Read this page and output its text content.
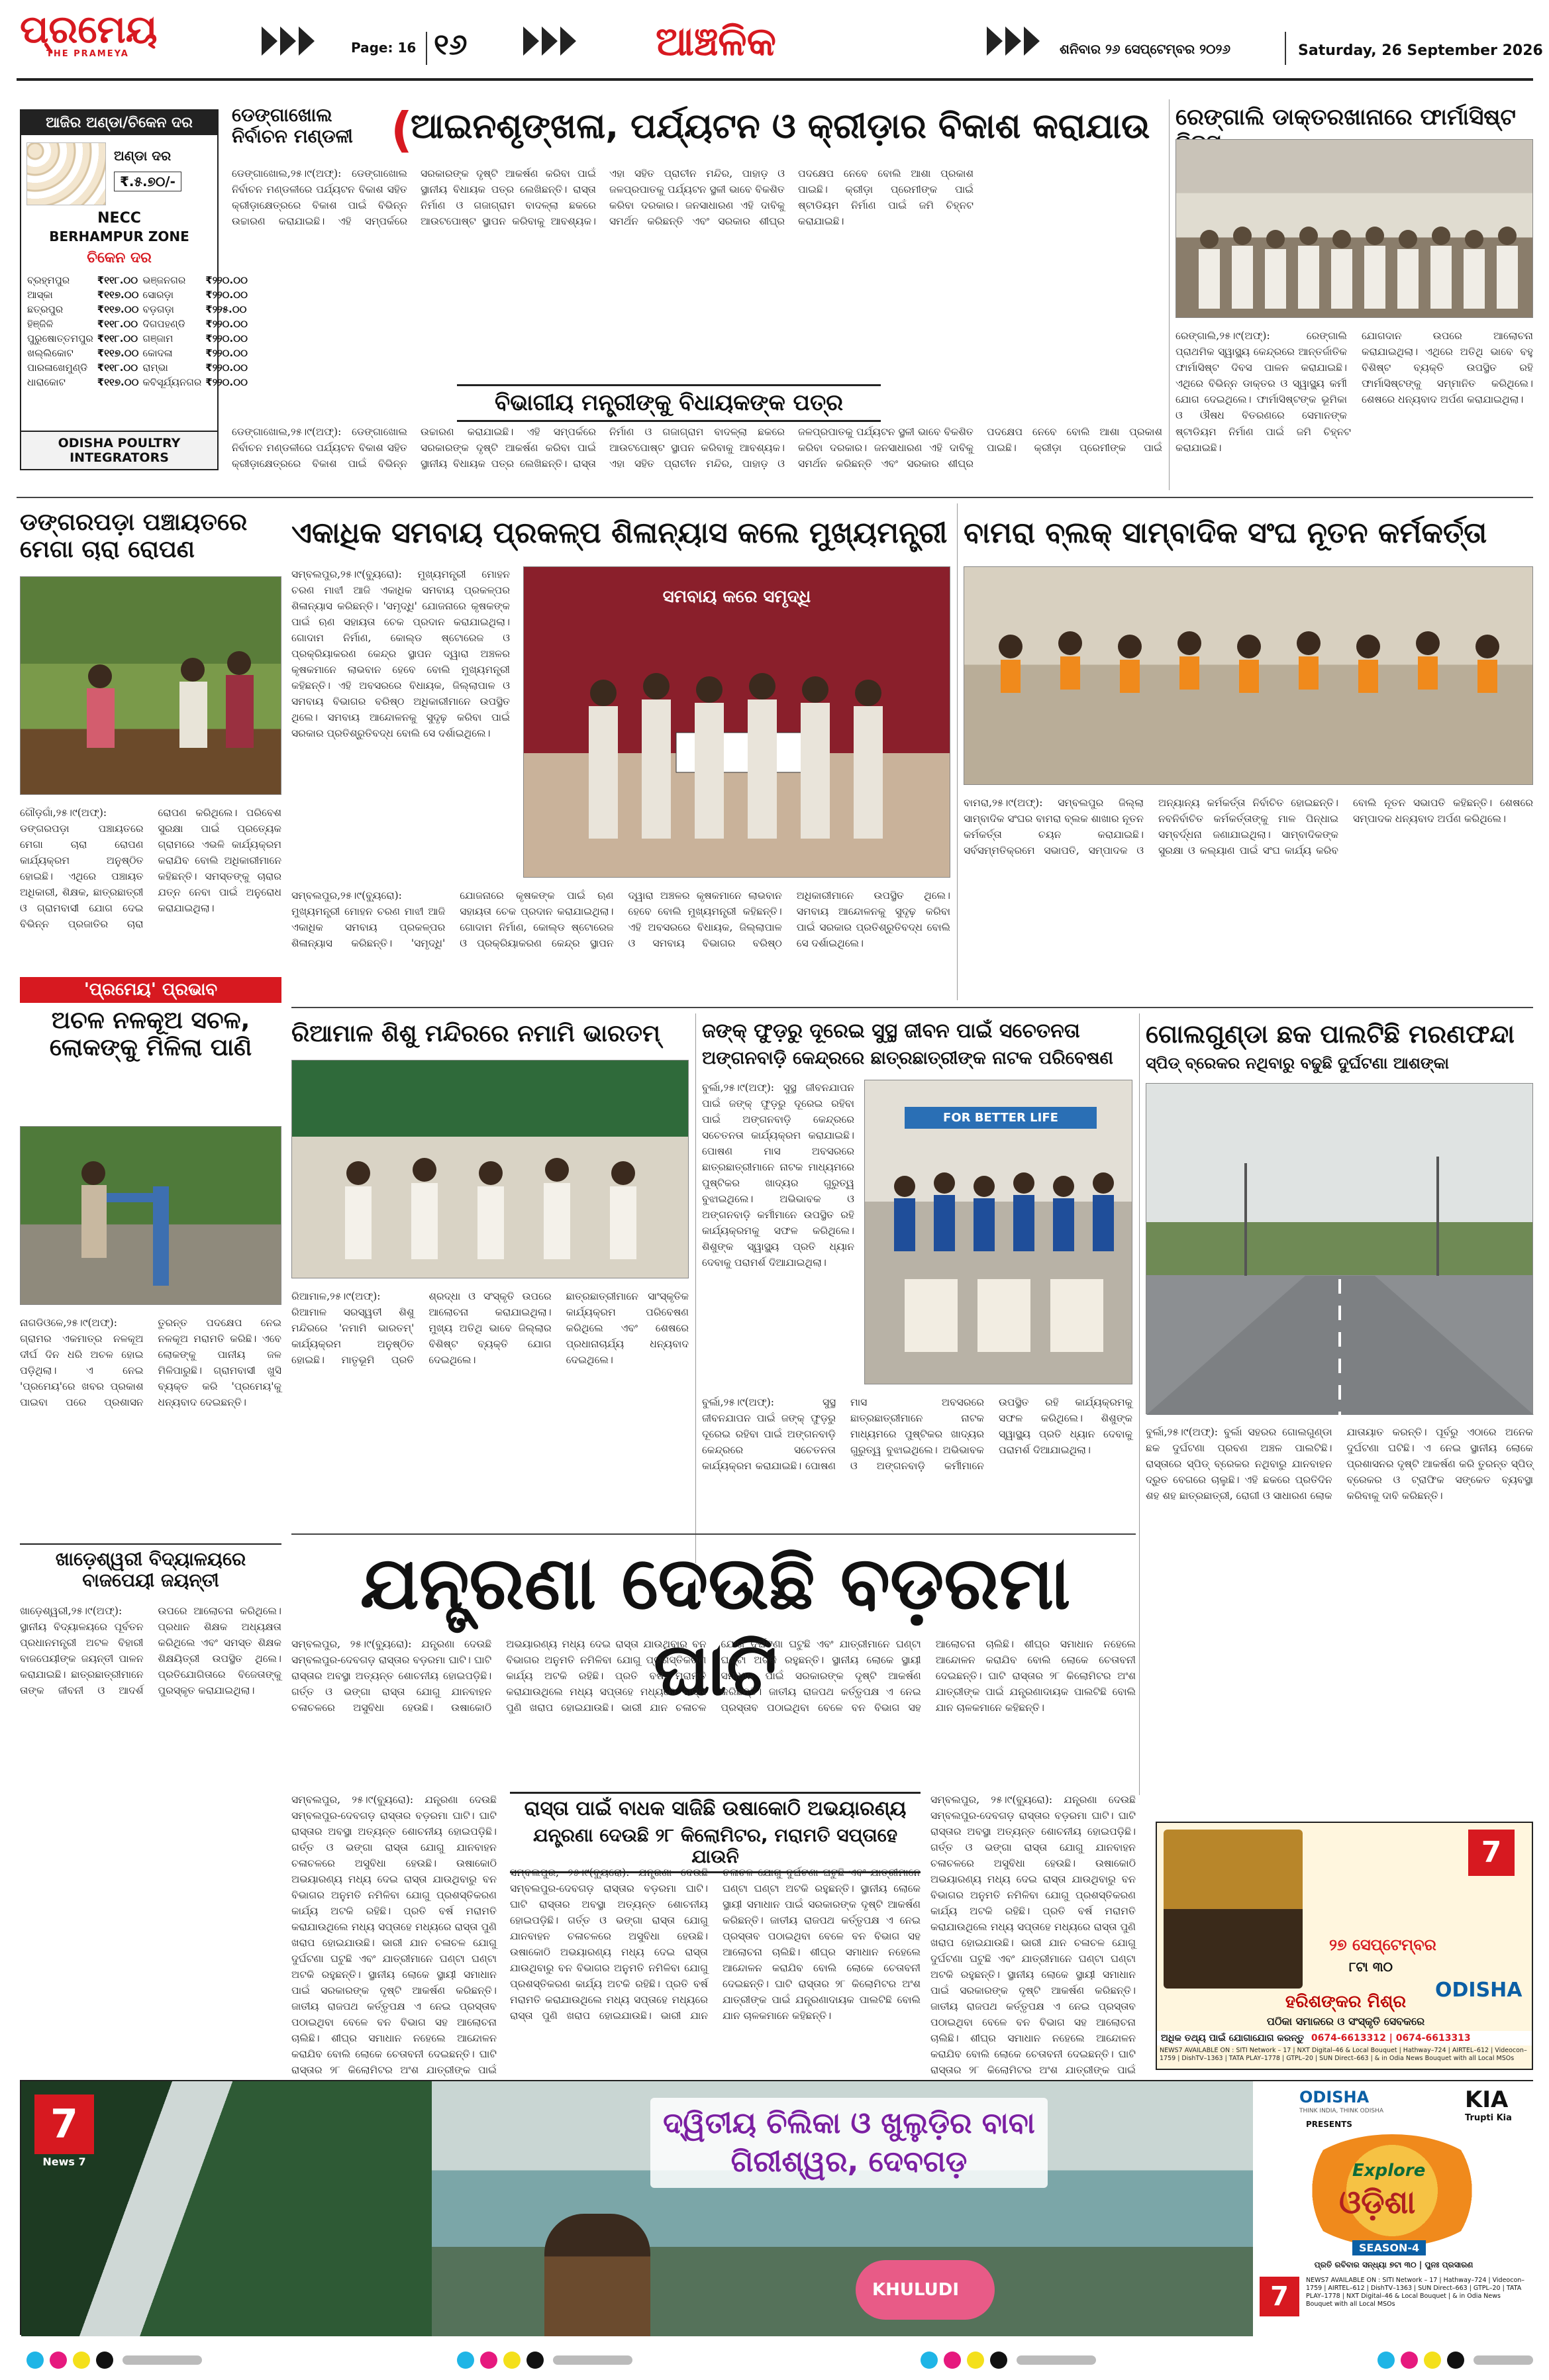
ପ୍ରମେୟ
THE PRAMEYA	Page: 16 ୧୬	ଆଞ୍ଚଳିକ	ଶନିବାର ୨୬ ସେପ୍ଟେମ୍ବର ୨୦୨୬	Saturday, 26 September 2026
ଆଜିର ଅଣ୍ଡା/ଚିକେନ ଦର
ଅଣ୍ଡା ଦର
₹.୫.୭୦/-
NECC
BERHAMPUR ZONE
ଚିକେନ ଦର
ବ୍ରହ୍ମପୁର	₹୧୧୮.୦୦	ଭଞ୍ଜନଗର	₹୨୨୦.୦୦
ଆସ୍କା	₹୧୧୭.୦୦	ସୋରଡ଼ା	₹୨୨୦.୦୦
ଛତ୍ରପୁର	₹୧୧୭.୦୦	ବଡ଼ଗଡ଼ା	₹୨୨୫.୦୦
ହିଞ୍ଜିଳି	₹୧୧୮.୦୦	ଦିଗପହଣ୍ଡି	₹୨୨୦.୦୦
ପୁରୁଷୋତ୍ତମପୁର	₹୧୧୮.୦୦	ଗଞ୍ଜାମ	₹୨୨୦.୦୦
ଖଲ୍ଲିକୋଟ	₹୧୧୭.୦୦	କୋଦଳା	₹୨୨୦.୦୦
ପାରଳାଖେମୁଣ୍ଡି	₹୧୧୮.୦୦	ରାମ୍ଭା	₹୨୨୦.୦୦
ଧାରାକୋଟ	₹୧୧୭.୦୦	କବିସୂର୍ଯ୍ୟନଗର	₹୨୨୦.୦୦
ODISHA POULTRY INTEGRATORS
ଡେଙ୍ଗାଖୋଲ ନିର୍ବାଚନ ମଣ୍ଡଳୀ (
ଆଇନଶୃଙ୍ଖଳା, ପର୍ଯ୍ୟଟନ ଓ କ୍ରୀଡ଼ାର ବିକାଶ କରାଯାଉ
ଡେଙ୍ଗାଖୋଲ,୨୫।୯(ଅଫ୍): ଡେଙ୍ଗାଖୋଲ ନିର୍ବାଚନ ମଣ୍ଡଳୀରେ ପର୍ଯ୍ୟଟନ ବିକାଶ ସହିତ କ୍ରୀଡ଼ାକ୍ଷେତ୍ରରେ ବିକାଶ ପାଇଁ ବିଭିନ୍ନ ଉଚ୍ଚାରଣ କରାଯାଇଛି। ଏହି ସମ୍ପର୍କରେ ସରକାରଙ୍କ ଦୃଷ୍ଟି ଆକର୍ଷଣ କରିବା ପାଇଁ ସ୍ଥାନୀୟ ବିଧାୟକ ପତ୍ର ଲେଖିଛନ୍ତି। ରାସ୍ତା ନିର୍ମାଣ ଓ ଗଜାଗ୍ରାମ ବାଦଳ୍ଲା ଛକରେ ଆଉଟପୋଷ୍ଟ ସ୍ଥାପନ କରିବାକୁ ଆବଶ୍ୟକ। ଏହା ସହିତ ପ୍ରାଚୀନ ମନ୍ଦିର, ପାହାଡ଼ ଓ ଜଳପ୍ରପାତକୁ ପର୍ଯ୍ୟଟନ ସ୍ଥଳୀ ଭାବେ ବିକଶିତ କରିବା ଦରକାର। ଜନସାଧାରଣ ଏହି ଦାବିକୁ ସମର୍ଥନ କରିଛନ୍ତି ଏବଂ ସରକାର ଶୀଘ୍ର ପଦକ୍ଷେପ ନେବେ ବୋଲି ଆଶା ପ୍ରକାଶ ପାଇଛି। କ୍ରୀଡ଼ା ପ୍ରେମୀଙ୍କ ପାଇଁ ଷ୍ଟାଡିୟମ ନିର୍ମାଣ ପାଇଁ ଜମି ଚିହ୍ନଟ କରାଯାଇଛି।
ବିଭାଗୀୟ ମନ୍ତ୍ରୀଙ୍କୁ ବିଧାୟକଙ୍କ ପତ୍ର
ଡେଙ୍ଗାଖୋଲ,୨୫।୯(ଅଫ୍): ଡେଙ୍ଗାଖୋଲ ନିର୍ବାଚନ ମଣ୍ଡଳୀରେ ପର୍ଯ୍ୟଟନ ବିକାଶ ସହିତ କ୍ରୀଡ଼ାକ୍ଷେତ୍ରରେ ବିକାଶ ପାଇଁ ବିଭିନ୍ନ ଉଚ୍ଚାରଣ କରାଯାଇଛି। ଏହି ସମ୍ପର୍କରେ ସରକାରଙ୍କ ଦୃଷ୍ଟି ଆକର୍ଷଣ କରିବା ପାଇଁ ସ୍ଥାନୀୟ ବିଧାୟକ ପତ୍ର ଲେଖିଛନ୍ତି। ରାସ୍ତା ନିର୍ମାଣ ଓ ଗଜାଗ୍ରାମ ବାଦଳ୍ଲା ଛକରେ ଆଉଟପୋଷ୍ଟ ସ୍ଥାପନ କରିବାକୁ ଆବଶ୍ୟକ। ଏହା ସହିତ ପ୍ରାଚୀନ ମନ୍ଦିର, ପାହାଡ଼ ଓ ଜଳପ୍ରପାତକୁ ପର୍ଯ୍ୟଟନ ସ୍ଥଳୀ ଭାବେ ବିକଶିତ କରିବା ଦରକାର। ଜନସାଧାରଣ ଏହି ଦାବିକୁ ସମର୍ଥନ କରିଛନ୍ତି ଏବଂ ସରକାର ଶୀଘ୍ର ପଦକ୍ଷେପ ନେବେ ବୋଲି ଆଶା ପ୍ରକାଶ ପାଇଛି। କ୍ରୀଡ଼ା ପ୍ରେମୀଙ୍କ ପାଇଁ ଷ୍ଟାଡିୟମ ନିର୍ମାଣ ପାଇଁ ଜମି ଚିହ୍ନଟ କରାଯାଇଛି।
ରେଙ୍ଗାଲି ଡାକ୍ତରଖାନାରେ ଫାର୍ମାସିଷ୍ଟ
ରେଙ୍ଗାଲି,୨୫।୯(ଅଫ୍): ରେଙ୍ଗାଲି ପ୍ରାଥମିକ ସ୍ୱାସ୍ଥ୍ୟ କେନ୍ଦ୍ରରେ ଆନ୍ତର୍ଜାତିକ ଫାର୍ମାସିଷ୍ଟ ଦିବସ ପାଳନ କରାଯାଇଛି। ଏଥିରେ ବିଭିନ୍ନ ଡାକ୍ତର ଓ ସ୍ୱାସ୍ଥ୍ୟ କର୍ମୀ ଯୋଗ ଦେଇଥିଲେ। ଫାର୍ମାସିଷ୍ଟଙ୍କ ଭୂମିକା ଓ ଔଷଧ ବିତରଣରେ ସେମାନଙ୍କ ଯୋଗଦାନ ଉପରେ ଆଲୋଚନା କରାଯାଇଥିଲା। ଏଥିରେ ଅତିଥି ଭାବେ ବହୁ ବିଶିଷ୍ଟ ବ୍ୟକ୍ତି ଉପସ୍ଥିତ ରହି ଫାର୍ମାସିଷ୍ଟଙ୍କୁ ସମ୍ମାନିତ କରିଥିଲେ। ଶେଷରେ ଧନ୍ୟବାଦ ଅର୍ପଣ କରାଯାଇଥିଲା।
ଡଙ୍ଗରପଡ଼ା ପଞ୍ଚାୟତରେ ମେଗା ଚାରା ରୋପଣ
ଗୌଡ଼ଗାଁ,୨୫।୯(ଅଫ୍): ଡଙ୍ଗରପଡ଼ା ପଞ୍ଚାୟତରେ ମେଗା ଚାରା ରୋପଣ କାର୍ଯ୍ୟକ୍ରମ ଅନୁଷ୍ଠିତ ହୋଇଛି। ଏଥିରେ ପଞ୍ଚାୟତ ଅଧିକାରୀ, ଶିକ୍ଷକ, ଛାତ୍ରଛାତ୍ରୀ ଓ ଗ୍ରାମବାସୀ ଯୋଗ ଦେଇ ବିଭିନ୍ନ ପ୍ରଜାତିର ଚାରା ରୋପଣ କରିଥିଲେ। ପରିବେଶ ସୁରକ୍ଷା ପାଇଁ ପ୍ରତ୍ୟେକ ଗ୍ରାମରେ ଏଭଳି କାର୍ଯ୍ୟକ୍ରମ କରାଯିବ ବୋଲି ଅଧିକାରୀମାନେ କହିଛନ୍ତି। ସମସ୍ତଙ୍କୁ ଚାରାର ଯତ୍ନ ନେବା ପାଇଁ ଅନୁରୋଧ କରାଯାଇଥିଲା।
'ପ୍ରମେୟ' ପ୍ରଭାବ
ଅଚଳ ନଳକୂଅ ସଚଳ, ଲୋକଙ୍କୁ ମିଳିଲା ପାଣି
ଏକାଧିକ ସମବାୟ ପ୍ରକଳ୍ପ ଶିଳାନ୍ୟାସ କଲେ ମୁଖ୍ୟମନ୍ତ୍ରୀ
ସମ୍ବଲପୁର,୨୫।୯(ବ୍ୟୁରୋ): ମୁଖ୍ୟମନ୍ତ୍ରୀ ମୋହନ ଚରଣ ମାଝୀ ଆଜି ଏକାଧିକ ସମବାୟ ପ୍ରକଳ୍ପର ଶିଳାନ୍ୟାସ କରିଛନ୍ତି। 'ସମୃଦ୍ଧି' ଯୋଜନାରେ କୃଷକଙ୍କ ପାଇଁ ଋଣ ସହାୟତା ଚେକ ପ୍ରଦାନ କରାଯାଇଥିଲା। ଗୋଦାମ ନିର୍ମାଣ, କୋଲ୍ଡ ଷ୍ଟୋରେଜ ଓ ପ୍ରକ୍ରିୟାକରଣ କେନ୍ଦ୍ର ସ୍ଥାପନ ଦ୍ୱାରା ଅଞ୍ଚଳର କୃଷକମାନେ ଲାଭବାନ ହେବେ ବୋଲି ମୁଖ୍ୟମନ୍ତ୍ରୀ କହିଛନ୍ତି। ଏହି ଅବସରରେ ବିଧାୟକ, ଜିଲ୍ଲାପାଳ ଓ ସମବାୟ ବିଭାଗର ବରିଷ୍ଠ ଅଧିକାରୀମାନେ ଉପସ୍ଥିତ ଥିଲେ। ସମବାୟ ଆନ୍ଦୋଳନକୁ ସୁଦୃଢ଼ କରିବା ପାଇଁ ସରକାର ପ୍ରତିଶ୍ରୁତିବଦ୍ଧ ବୋଲି ସେ ଦର୍ଶାଇଥିଲେ।
ସମବାୟ କରେ ସମୃଦ୍ଧି
ସମ୍ବଲପୁର,୨୫।୯(ବ୍ୟୁରୋ): ମୁଖ୍ୟମନ୍ତ୍ରୀ ମୋହନ ଚରଣ ମାଝୀ ଆଜି ଏକାଧିକ ସମବାୟ ପ୍ରକଳ୍ପର ଶିଳାନ୍ୟାସ କରିଛନ୍ତି। 'ସମୃଦ୍ଧି' ଯୋଜନାରେ କୃଷକଙ୍କ ପାଇଁ ଋଣ ସହାୟତା ଚେକ ପ୍ରଦାନ କରାଯାଇଥିଲା। ଗୋଦାମ ନିର୍ମାଣ, କୋଲ୍ଡ ଷ୍ଟୋରେଜ ଓ ପ୍ରକ୍ରିୟାକରଣ କେନ୍ଦ୍ର ସ୍ଥାପନ ଦ୍ୱାରା ଅଞ୍ଚଳର କୃଷକମାନେ ଲାଭବାନ ହେବେ ବୋଲି ମୁଖ୍ୟମନ୍ତ୍ରୀ କହିଛନ୍ତି। ଏହି ଅବସରରେ ବିଧାୟକ, ଜିଲ୍ଲାପାଳ ଓ ସମବାୟ ବିଭାଗର ବରିଷ୍ଠ ଅଧିକାରୀମାନେ ଉପସ୍ଥିତ ଥିଲେ। ସମବାୟ ଆନ୍ଦୋଳନକୁ ସୁଦୃଢ଼ କରିବା ପାଇଁ ସରକାର ପ୍ରତିଶ୍ରୁତିବଦ୍ଧ ବୋଲି ସେ ଦର୍ଶାଇଥିଲେ।
ବାମରା ବ୍ଲକ୍ ସାମ୍ବାଦିକ ସଂଘ ନୂତନ କର୍ମକର୍ତ୍ତା
ବାମରା,୨୫।୯(ଅଫ୍): ସମ୍ବଲପୁର ଜିଲ୍ଲା ସାମ୍ବାଦିକ ସଂଘର ବାମରା ବ୍ଲକ ଶାଖାର ନୂତନ କର୍ମକର୍ତ୍ତା ଚୟନ କରାଯାଇଛି। ସର୍ବସମ୍ମତିକ୍ରମେ ସଭାପତି, ସମ୍ପାଦକ ଓ ଅନ୍ୟାନ୍ୟ କର୍ମକର୍ତ୍ତା ନିର୍ବାଚିତ ହୋଇଛନ୍ତି। ନବନିର୍ବାଚିତ କର୍ମକର୍ତ୍ତାଙ୍କୁ ମାଳ ପିନ୍ଧାଇ ସମ୍ବର୍ଦ୍ଧନା ଜଣାଯାଇଥିଲା। ସାମ୍ବାଦିକଙ୍କ ସୁରକ୍ଷା ଓ କଲ୍ୟାଣ ପାଇଁ ସଂଘ କାର୍ଯ୍ୟ କରିବ ବୋଲି ନୂତନ ସଭାପତି କହିଛନ୍ତି। ଶେଷରେ ସମ୍ପାଦକ ଧନ୍ୟବାଦ ଅର୍ପଣ କରିଥିଲେ।
ରିଆମାଳ ଶିଶୁ ମନ୍ଦିରରେ ନମାମି ଭାରତମ୍
ରିଆମାଳ,୨୫।୯(ଅଫ୍): ରିଆମାଳ ସରସ୍ୱତୀ ଶିଶୁ ମନ୍ଦିରରେ 'ନମାମି ଭାରତମ୍' କାର୍ଯ୍ୟକ୍ରମ ଅନୁଷ୍ଠିତ ହୋଇଛି। ମାତୃଭୂମି ପ୍ରତି ଶ୍ରଦ୍ଧା ଓ ସଂସ୍କୃତି ଉପରେ ଆଲୋଚନା କରାଯାଇଥିଲା। ମୁଖ୍ୟ ଅତିଥି ଭାବେ ଜିଲ୍ଲାର ବିଶିଷ୍ଟ ବ୍ୟକ୍ତି ଯୋଗ ଦେଇଥିଲେ। ଛାତ୍ରଛାତ୍ରୀମାନେ ସାଂସ୍କୃତିକ କାର୍ଯ୍ୟକ୍ରମ ପରିବେଷଣ କରିଥିଲେ ଏବଂ ଶେଷରେ ପ୍ରଧାନାଚାର୍ଯ୍ୟ ଧନ୍ୟବାଦ ଦେଇଥିଲେ।
ଜଙ୍କ୍ ଫୁଡ଼ରୁ ଦୂରେଇ ସୁସ୍ଥ ଜୀବନ ପାଇଁ ସଚେତନତା
ଅଙ୍ଗନବାଡ଼ି କେନ୍ଦ୍ରରେ ଛାତ୍ରଛାତ୍ରୀଙ୍କ ନାଟକ ପରିବେଷଣ
ବୁର୍ଲା,୨୫।୯(ଅଫ୍): ସୁସ୍ଥ ଜୀବନଯାପନ ପାଇଁ ଜଙ୍କ୍ ଫୁଡ଼ରୁ ଦୂରେଇ ରହିବା ପାଇଁ ଅଙ୍ଗନବାଡ଼ି କେନ୍ଦ୍ରରେ ସଚେତନତା କାର୍ଯ୍ୟକ୍ରମ କରାଯାଇଛି। ପୋଷଣ ମାସ ଅବସରରେ ଛାତ୍ରଛାତ୍ରୀମାନେ ନାଟକ ମାଧ୍ୟମରେ ପୁଷ୍ଟିକର ଖାଦ୍ୟର ଗୁରୁତ୍ୱ ବୁଝାଇଥିଲେ। ଅଭିଭାବକ ଓ ଅଙ୍ଗନବାଡ଼ି କର୍ମୀମାନେ ଉପସ୍ଥିତ ରହି କାର୍ଯ୍ୟକ୍ରମକୁ ସଫଳ କରିଥିଲେ। ଶିଶୁଙ୍କ ସ୍ୱାସ୍ଥ୍ୟ ପ୍ରତି ଧ୍ୟାନ ଦେବାକୁ ପରାମର୍ଶ ଦିଆଯାଇଥିଲା।
FOR BETTER LIFE
ବୁର୍ଲା,୨୫।୯(ଅଫ୍): ସୁସ୍ଥ ଜୀବନଯାପନ ପାଇଁ ଜଙ୍କ୍ ଫୁଡ଼ରୁ ଦୂରେଇ ରହିବା ପାଇଁ ଅଙ୍ଗନବାଡ଼ି କେନ୍ଦ୍ରରେ ସଚେତନତା କାର୍ଯ୍ୟକ୍ରମ କରାଯାଇଛି। ପୋଷଣ ମାସ ଅବସରରେ ଛାତ୍ରଛାତ୍ରୀମାନେ ନାଟକ ମାଧ୍ୟମରେ ପୁଷ୍ଟିକର ଖାଦ୍ୟର ଗୁରୁତ୍ୱ ବୁଝାଇଥିଲେ। ଅଭିଭାବକ ଓ ଅଙ୍ଗନବାଡ଼ି କର୍ମୀମାନେ ଉପସ୍ଥିତ ରହି କାର୍ଯ୍ୟକ୍ରମକୁ ସଫଳ କରିଥିଲେ। ଶିଶୁଙ୍କ ସ୍ୱାସ୍ଥ୍ୟ ପ୍ରତି ଧ୍ୟାନ ଦେବାକୁ ପରାମର୍ଶ ଦିଆଯାଇଥିଲା।
ଗୋଲଗୁଣ୍ଡା ଛକ ପାଲଟିଛି ମରଣଫନ୍ଦା
ସ୍ପିଡ୍ ବ୍ରେକର ନଥିବାରୁ ବଢୁଛି ଦୁର୍ଘଟଣା ଆଶଙ୍କା
ବୁର୍ଲା,୨୫।୯(ଅଫ୍): ବୁର୍ଲା ସହରର ଗୋଲଗୁଣ୍ଡା ଛକ ଦୁର୍ଘଟଣା ପ୍ରବଣ ଅଞ୍ଚଳ ପାଲଟିଛି। ରାସ୍ତାରେ ସ୍ପିଡ୍ ବ୍ରେକର ନଥିବାରୁ ଯାନବାହନ ଦ୍ରୁତ ବେଗରେ ଚାଲୁଛି। ଏହି ଛକରେ ପ୍ରତିଦିନ ଶହ ଶହ ଛାତ୍ରଛାତ୍ରୀ, ରୋଗୀ ଓ ସାଧାରଣ ଲୋକ ଯାତାୟାତ କରନ୍ତି। ପୂର୍ବରୁ ଏଠାରେ ଅନେକ ଦୁର୍ଘଟଣା ଘଟିଛି। ଏ ନେଇ ସ୍ଥାନୀୟ ଲୋକେ ପ୍ରଶାସନର ଦୃଷ୍ଟି ଆକର୍ଷଣ କରି ତୁରନ୍ତ ସ୍ପିଡ୍ ବ୍ରେକର ଓ ଟ୍ରାଫିକ ସଙ୍କେତ ବ୍ୟବସ୍ଥା କରିବାକୁ ଦାବି କରିଛନ୍ତି।
ନାଗଡିଓଳେ,୨୫।୯(ଅଫ୍): ଗ୍ରାମର ଏକମାତ୍ର ନଳକୂଅ ଦୀର୍ଘ ଦିନ ଧରି ଅଚଳ ହୋଇ ପଡ଼ିଥିଲା। ଏ ନେଇ 'ପ୍ରମେୟ'ରେ ଖବର ପ୍ରକାଶ ପାଇବା ପରେ ପ୍ରଶାସନ ତୁରନ୍ତ ପଦକ୍ଷେପ ନେଇ ନଳକୂଅ ମରାମତି କରିଛି। ଏବେ ଲୋକଙ୍କୁ ପାନୀୟ ଜଳ ମିଳିପାରୁଛି। ଗ୍ରାମବାସୀ ଖୁସି ବ୍ୟକ୍ତ କରି 'ପ୍ରମେୟ'କୁ ଧନ୍ୟବାଦ ଦେଇଛନ୍ତି।
ଖାଡ଼େଶ୍ୱରୀ ବିଦ୍ୟାଳୟରେ ବାଜପେୟୀ ଜୟନ୍ତୀ
ଖାଡ଼େଶ୍ୱରୀ,୨୫।୯(ଅଫ୍): ସ୍ଥାନୀୟ ବିଦ୍ୟାଳୟରେ ପୂର୍ବତନ ପ୍ରଧାନମନ୍ତ୍ରୀ ଅଟଳ ବିହାରୀ ବାଜପେୟୀଙ୍କ ଜୟନ୍ତୀ ପାଳନ କରାଯାଇଛି। ଛାତ୍ରଛାତ୍ରୀମାନେ ତାଙ୍କ ଜୀବନୀ ଓ ଆଦର୍ଶ ଉପରେ ଆଲୋଚନା କରିଥିଲେ। ପ୍ରଧାନ ଶିକ୍ଷକ ଅଧ୍ୟକ୍ଷତା କରିଥିଲେ ଏବଂ ସମସ୍ତ ଶିକ୍ଷକ ଶିକ୍ଷୟିତ୍ରୀ ଉପସ୍ଥିତ ଥିଲେ। ପ୍ରତିଯୋଗିତାରେ ବିଜେତାଙ୍କୁ ପୁରସ୍କୃତ କରାଯାଇଥିଲା।
ଯନ୍ତ୍ରଣା ଦେଉଛି ବଡ଼ରମା ଘାଟି
ସମ୍ବଲପୁର, ୨୫।୯(ବ୍ୟୁରୋ): ଯନ୍ତ୍ରଣା ଦେଉଛି ସମ୍ବଲପୁର-ଦେବଗଡ଼ ରାସ୍ତାର ବଡ଼ରମା ଘାଟି। ଘାଟି ରାସ୍ତାର ଅବସ୍ଥା ଅତ୍ୟନ୍ତ ଶୋଚନୀୟ ହୋଇପଡ଼ିଛି। ଗର୍ତ୍ତ ଓ ଭଙ୍ଗା ରାସ୍ତା ଯୋଗୁ ଯାନବାହନ ଚଳାଚଳରେ ଅସୁବିଧା ହେଉଛି। ଉଷାକୋଠି ଅଭୟାରଣ୍ୟ ମଧ୍ୟ ଦେଇ ରାସ୍ତା ଯାଉଥିବାରୁ ବନ ବିଭାଗର ଅନୁମତି ନମିଳିବା ଯୋଗୁ ପ୍ରଶସ୍ତିକରଣ କାର୍ଯ୍ୟ ଅଟକି ରହିଛି। ପ୍ରତି ବର୍ଷ ମରାମତି କରାଯାଉଥିଲେ ମଧ୍ୟ ସପ୍ତାହେ ମଧ୍ୟରେ ରାସ୍ତା ପୁଣି ଖରାପ ହୋଇଯାଉଛି। ଭାରୀ ଯାନ ଚଳାଚଳ ଯୋଗୁ ଦୁର୍ଘଟଣା ଘଟୁଛି ଏବଂ ଯାତ୍ରୀମାନେ ଘଣ୍ଟା ଘଣ୍ଟା ଅଟକି ରହୁଛନ୍ତି। ସ୍ଥାନୀୟ ଲୋକେ ସ୍ଥାୟୀ ସମାଧାନ ପାଇଁ ସରକାରଙ୍କ ଦୃଷ୍ଟି ଆକର୍ଷଣ କରିଛନ୍ତି। ଜାତୀୟ ରାଜପଥ କର୍ତ୍ତୃପକ୍ଷ ଏ ନେଇ ପ୍ରସ୍ତାବ ପଠାଇଥିବା ବେଳେ ବନ ବିଭାଗ ସହ ଆଲୋଚନା ଚାଲିଛି। ଶୀଘ୍ର ସମାଧାନ ନହେଲେ ଆନ୍ଦୋଳନ କରାଯିବ ବୋଲି ଲୋକେ ଚେତାବନୀ ଦେଇଛନ୍ତି। ଘାଟି ରାସ୍ତାର ୨୮ କିଲୋମିଟର ଅଂଶ ଯାତ୍ରୀଙ୍କ ପାଇଁ ଯନ୍ତ୍ରଣାଦାୟକ ପାଲଟିଛି ବୋଲି ଯାନ ଚାଳକମାନେ କହିଛନ୍ତି।
ରାସ୍ତା ପାଇଁ ବାଧକ ସାଜିଛି ଉଷାକୋଠି ଅଭୟାରଣ୍ୟ
ଯନ୍ତ୍ରଣା ଦେଉଛି ୨୮ କିଲୋମିଟର, ମରାମତି ସପ୍ତାହେ ଯାଉନି
ସମ୍ବଲପୁର, ୨୫।୯(ବ୍ୟୁରୋ): ଯନ୍ତ୍ରଣା ଦେଉଛି ସମ୍ବଲପୁର-ଦେବଗଡ଼ ରାସ୍ତାର ବଡ଼ରମା ଘାଟି। ଘାଟି ରାସ୍ତାର ଅବସ୍ଥା ଅତ୍ୟନ୍ତ ଶୋଚନୀୟ ହୋଇପଡ଼ିଛି। ଗର୍ତ୍ତ ଓ ଭଙ୍ଗା ରାସ୍ତା ଯୋଗୁ ଯାନବାହନ ଚଳାଚଳରେ ଅସୁବିଧା ହେଉଛି। ଉଷାକୋଠି ଅଭୟାରଣ୍ୟ ମଧ୍ୟ ଦେଇ ରାସ୍ତା ଯାଉଥିବାରୁ ବନ ବିଭାଗର ଅନୁମତି ନମିଳିବା ଯୋଗୁ ପ୍ରଶସ୍ତିକରଣ କାର୍ଯ୍ୟ ଅଟକି ରହିଛି। ପ୍ରତି ବର୍ଷ ମରାମତି କରାଯାଉଥିଲେ ମଧ୍ୟ ସପ୍ତାହେ ମଧ୍ୟରେ ରାସ୍ତା ପୁଣି ଖରାପ ହୋଇଯାଉଛି। ଭାରୀ ଯାନ ଚଳାଚଳ ଯୋଗୁ ଦୁର୍ଘଟଣା ଘଟୁଛି ଏବଂ ଯାତ୍ରୀମାନେ ଘଣ୍ଟା ଘଣ୍ଟା ଅଟକି ରହୁଛନ୍ତି। ସ୍ଥାନୀୟ ଲୋକେ ସ୍ଥାୟୀ ସମାଧାନ ପାଇଁ ସରକାରଙ୍କ ଦୃଷ୍ଟି ଆକର୍ଷଣ କରିଛନ୍ତି। ଜାତୀୟ ରାଜପଥ କର୍ତ୍ତୃପକ୍ଷ ଏ ନେଇ ପ୍ରସ୍ତାବ ପଠାଇଥିବା ବେଳେ ବନ ବିଭାଗ ସହ ଆଲୋଚନା ଚାଲିଛି। ଶୀଘ୍ର ସମାଧାନ ନହେଲେ ଆନ୍ଦୋଳନ କରାଯିବ ବୋଲି ଲୋକେ ଚେତାବନୀ ଦେଇଛନ୍ତି। ଘାଟି ରାସ୍ତାର ୨୮ କିଲୋମିଟର ଅଂଶ ଯାତ୍ରୀଙ୍କ ପାଇଁ
ସମ୍ବଲପୁର, ୨୫।୯(ବ୍ୟୁରୋ): ଯନ୍ତ୍ରଣା ଦେଉଛି ସମ୍ବଲପୁର-ଦେବଗଡ଼ ରାସ୍ତାର ବଡ଼ରମା ଘାଟି। ଘାଟି ରାସ୍ତାର ଅବସ୍ଥା ଅତ୍ୟନ୍ତ ଶୋଚନୀୟ ହୋଇପଡ଼ିଛି। ଗର୍ତ୍ତ ଓ ଭଙ୍ଗା ରାସ୍ତା ଯୋଗୁ ଯାନବାହନ ଚଳାଚଳରେ ଅସୁବିଧା ହେଉଛି। ଉଷାକୋଠି ଅଭୟାରଣ୍ୟ ମଧ୍ୟ ଦେଇ ରାସ୍ତା ଯାଉଥିବାରୁ ବନ ବିଭାଗର ଅନୁମତି ନମିଳିବା ଯୋଗୁ ପ୍ରଶସ୍ତିକରଣ କାର୍ଯ୍ୟ ଅଟକି ରହିଛି। ପ୍ରତି ବର୍ଷ ମରାମତି କରାଯାଉଥିଲେ ମଧ୍ୟ ସପ୍ତାହେ ମଧ୍ୟରେ ରାସ୍ତା ପୁଣି ଖରାପ ହୋଇଯାଉଛି। ଭାରୀ ଯାନ ଚଳାଚଳ ଯୋଗୁ ଦୁର୍ଘଟଣା ଘଟୁଛି ଏବଂ ଯାତ୍ରୀମାନେ ଘଣ୍ଟା ଘଣ୍ଟା ଅଟକି ରହୁଛନ୍ତି। ସ୍ଥାନୀୟ ଲୋକେ ସ୍ଥାୟୀ ସମାଧାନ ପାଇଁ ସରକାରଙ୍କ ଦୃଷ୍ଟି ଆକର୍ଷଣ କରିଛନ୍ତି। ଜାତୀୟ ରାଜପଥ କର୍ତ୍ତୃପକ୍ଷ ଏ ନେଇ ପ୍ରସ୍ତାବ ପଠାଇଥିବା ବେଳେ ବନ ବିଭାଗ ସହ ଆଲୋଚନା ଚାଲିଛି। ଶୀଘ୍ର ସମାଧାନ ନହେଲେ ଆନ୍ଦୋଳନ କରାଯିବ ବୋଲି ଲୋକେ ଚେତାବନୀ ଦେଇଛନ୍ତି। ଘାଟି ରାସ୍ତାର ୨୮ କିଲୋମିଟର ଅଂଶ ଯାତ୍ରୀଙ୍କ ପାଇଁ ଯନ୍ତ୍ରଣାଦାୟକ ପାଲଟିଛି ବୋଲି ଯାନ ଚାଳକମାନେ କହିଛନ୍ତି।
ସମ୍ବଲପୁର, ୨୫।୯(ବ୍ୟୁରୋ): ଯନ୍ତ୍ରଣା ଦେଉଛି ସମ୍ବଲପୁର-ଦେବଗଡ଼ ରାସ୍ତାର ବଡ଼ରମା ଘାଟି। ଘାଟି ରାସ୍ତାର ଅବସ୍ଥା ଅତ୍ୟନ୍ତ ଶୋଚନୀୟ ହୋଇପଡ଼ିଛି। ଗର୍ତ୍ତ ଓ ଭଙ୍ଗା ରାସ୍ତା ଯୋଗୁ ଯାନବାହନ ଚଳାଚଳରେ ଅସୁବିଧା ହେଉଛି। ଉଷାକୋଠି ଅଭୟାରଣ୍ୟ ମଧ୍ୟ ଦେଇ ରାସ୍ତା ଯାଉଥିବାରୁ ବନ ବିଭାଗର ଅନୁମତି ନମିଳିବା ଯୋଗୁ ପ୍ରଶସ୍ତିକରଣ କାର୍ଯ୍ୟ ଅଟକି ରହିଛି। ପ୍ରତି ବର୍ଷ ମରାମତି କରାଯାଉଥିଲେ ମଧ୍ୟ ସପ୍ତାହେ ମଧ୍ୟରେ ରାସ୍ତା ପୁଣି ଖରାପ ହୋଇଯାଉଛି। ଭାରୀ ଯାନ ଚଳାଚଳ ଯୋଗୁ ଦୁର୍ଘଟଣା ଘଟୁଛି ଏବଂ ଯାତ୍ରୀମାନେ ଘଣ୍ଟା ଘଣ୍ଟା ଅଟକି ରହୁଛନ୍ତି। ସ୍ଥାନୀୟ ଲୋକେ ସ୍ଥାୟୀ ସମାଧାନ ପାଇଁ ସରକାରଙ୍କ ଦୃଷ୍ଟି ଆକର୍ଷଣ କରିଛନ୍ତି। ଜାତୀୟ ରାଜପଥ କର୍ତ୍ତୃପକ୍ଷ ଏ ନେଇ ପ୍ରସ୍ତାବ ପଠାଇଥିବା ବେଳେ ବନ ବିଭାଗ ସହ ଆଲୋଚନା ଚାଲିଛି। ଶୀଘ୍ର ସମାଧାନ ନହେଲେ ଆନ୍ଦୋଳନ କରାଯିବ ବୋଲି ଲୋକେ ଚେତାବନୀ ଦେଇଛନ୍ତି। ଘାଟି ରାସ୍ତାର ୨୮ କିଲୋମିଟର ଅଂଶ ଯାତ୍ରୀଙ୍କ ପାଇଁ
7
ODISHA
୨୭ ସେପ୍ଟେମ୍ବର
୮ଟା ୩୦
ହରିଶଙ୍କର ମିଶ୍ର
ପଠିକା ସମାଜରେ ଓ ସଂସ୍କୃତି ସେବକରେ
ଅଧିକ ତଥ୍ୟ ପାଇଁ ଯୋଗାଯୋଗ କରନ୍ତୁ 0674-6613312 | 0674-6613313
NEWS7 AVAILABLE ON : SITI Network – 17 | NXT Digital–46 & Local Bouquet | Hathway–724 | AIRTEL–612 | Videocon–1759 | DishTV–1363 | TATA PLAY–1778 | GTPL–20 | SUN Direct–663 | & in Odia News Bouquet with all Local MSOs
7
News 7
ଦ୍ୱିତୀୟ ଚିଲିକା ଓ ଖୁଲୁଡ଼ିର ବାବା ଗିରୀଶ୍ୱର, ଦେବଗଡ଼
KHULUDI
ODISHA
THINK INDIA, THINK ODISHA
PRESENTS
KIA
Trupti Kia
Explore
ଓଡ଼ିଶା
SEASON-4
ପ୍ରତି ରବିବାର ସନ୍ଧ୍ୟା ୭ଟା ୩୦ | ପୁନଃ ପ୍ରସାରଣ
7
NEWS7 AVAILABLE ON : SITI Network – 17 | Hathway–724 | Videocon–1759 | AIRTEL–612 | DishTV–1363 | SUN Direct–663 | GTPL–20 | TATA PLAY–1778 | NXT Digital–46 & Local Bouquet | & in Odia News Bouquet with all Local MSOs
